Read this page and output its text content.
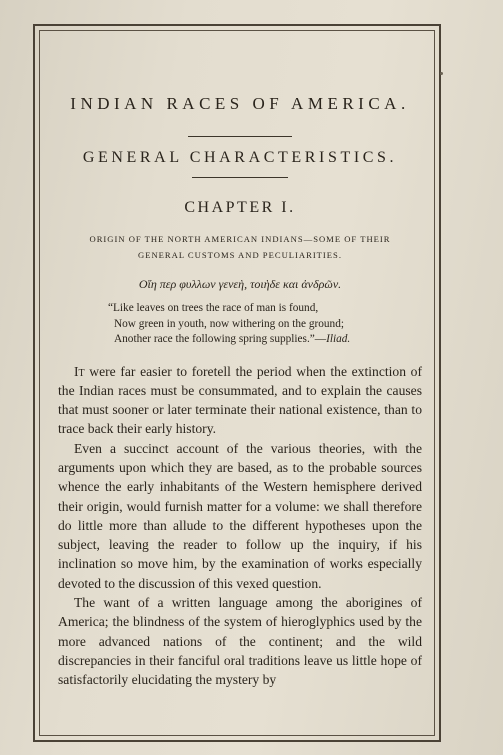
INDIAN RACES OF AMERICA.
GENERAL CHARACTERISTICS.
CHAPTER I.
ORIGIN OF THE NORTH AMERICAN INDIANS—SOME OF THEIR
GENERAL CUSTOMS AND PECULIARITIES.
Οἵη περ φυλλων γενεὴ, τοιὴδε και ἀνδρῶν.
“Like leaves on trees the race of man is found,
Now green in youth, now withering on the ground;
Another race the following spring supplies.”—Iliad.

It were far easier to foretell the period when the extinction of the Indian races must be consummated, and to explain the causes that must sooner or later terminate their national existence, than to trace back their early history.

Even a succinct account of the various theories, with the arguments upon which they are based, as to the probable sources whence the early inhabitants of the Western hemisphere derived their origin, would furnish matter for a volume: we shall therefore do little more than allude to the different hypotheses upon the subject, leaving the reader to follow up the inquiry, if his inclination so move him, by the examination of works especially devoted to the discussion of this vexed question.

The want of a written language among the aborigines of America; the blindness of the system of hieroglyphics used by the more advanced nations of the continent; and the wild discrepancies in their fanciful oral traditions leave us little hope of satisfactorily elucidating the mystery by
